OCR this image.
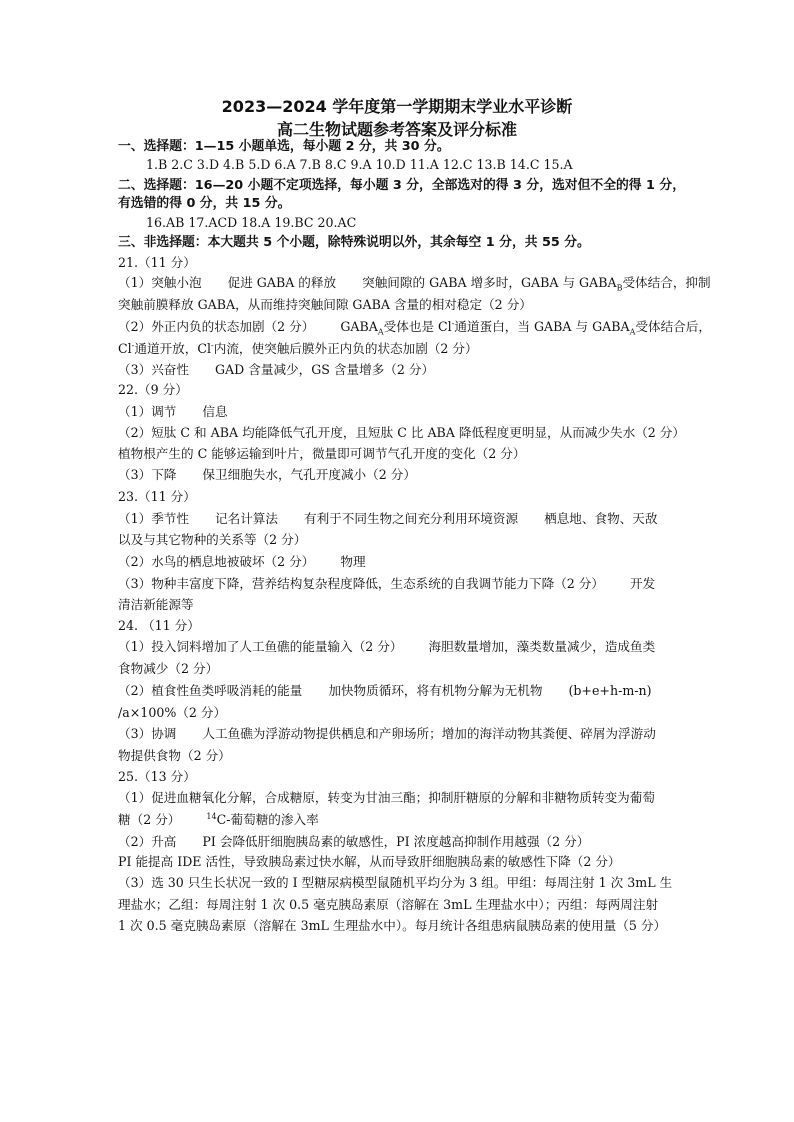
2023—2024 学年度第一学期期末学业水平诊断
高二生物试题参考答案及评分标准
一、选择题：1—15 小题单选，每小题 2 分，共 30 分。
1.B 2.C 3.D 4.B 5.D 6.A 7.B 8.C 9.A 10.D 11.A 12.C 13.B 14.C 15.A
二、选择题：16—20 小题不定项选择，每小题 3 分，全部选对的得 3 分，选对但不全的得 1 分，
有选错的得 0 分，共 15 分。
16.AB 17.ACD 18.A 19.BC 20.AC
三、非选择题：本大题共 5 个小题，除特殊说明以外，其余每空 1 分，共 55 分。
21.（11 分）
（1）突触小泡 促进 GABA 的释放 突触间隙的 GABA 增多时，GABA 与 $GABA_B$受体结合，抑制
突触前膜释放 GABA，从而维持突触间隙 GABA 含量的相对稳定（2 分）
（2）外正内负的状态加剧（2 分） $GABA_A$受体也是 Cl-通道蛋白，当 GABA 与 $GABA_A$受体结合后，
Cl-通道开放，Cl-内流，使突触后膜外正内负的状态加剧（2 分）
（3）兴奋性 GAD 含量减少，GS 含量增多（2 分）
22.（9 分）
（1）调节 信息
（2）短肽 C 和 ABA 均能降低气孔开度，且短肽 C 比 ABA 降低程度更明显，从而减少失水（2 分）
植物根产生的 C 能够运输到叶片，微量即可调节气孔开度的变化（2 分）
（3）下降 保卫细胞失水，气孔开度减小（2 分）
23.（11 分）
（1）季节性 记名计算法 有利于不同生物之间充分利用环境资源 栖息地、食物、天敌
以及与其它物种的关系等（2 分）
（2）水鸟的栖息地被破坏（2 分） 物理
（3）物种丰富度下降，营养结构复杂程度降低，生态系统的自我调节能力下降（2 分） 开发
清洁新能源等
24. （11 分）
（1）投入饲料增加了人工鱼礁的能量输入（2 分） 海胆数量增加，藻类数量减少，造成鱼类
食物减少（2 分）
（2）植食性鱼类呼吸消耗的能量 加快物质循环，将有机物分解为无机物 (b+e+h-m-n)
/a×100%（2 分）
（3）协调 人工鱼礁为浮游动物提供栖息和产卵场所；增加的海洋动物其粪便、碎屑为浮游动
物提供食物（2 分）
25.（13 分）
（1）促进血糖氧化分解，合成糖原，转变为甘油三酯；抑制肝糖原的分解和非糖物质转变为葡萄
糖（2 分）	$^{14}$C-葡萄糖的渗入率
（2）升高 PI 会降低肝细胞胰岛素的敏感性，PI 浓度越高抑制作用越强（2 分）
PI 能提高 IDE 活性，导致胰岛素过快水解，从而导致肝细胞胰岛素的敏感性下降（2 分）
（3）选 30 只生长状况一致的 I 型糖尿病模型鼠随机平均分为 3 组。甲组：每周注射 1 次 3mL 生
理盐水；乙组：每周注射 1 次 0.5 毫克胰岛素原（溶解在 3mL 生理盐水中）；丙组：每两周注射
1 次 0.5 毫克胰岛素原（溶解在 3mL 生理盐水中）。每月统计各组患病鼠胰岛素的使用量（5 分）
